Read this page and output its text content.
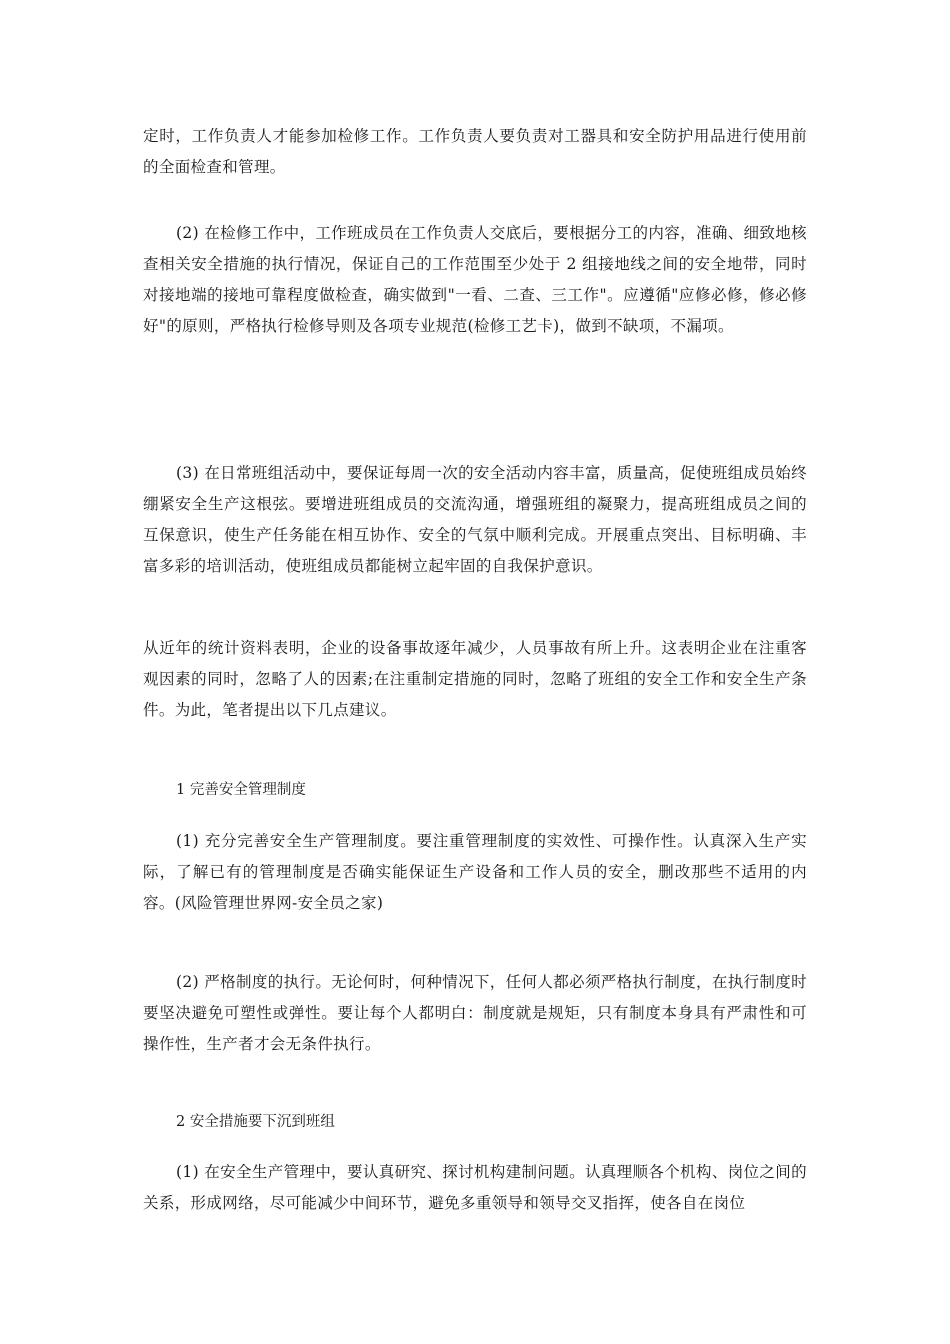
定时，工作负责人才能参加检修工作。工作负责人要负责对工器具和安全防护用品进行使用前的全面检查和管理。

(2) 在检修工作中，工作班成员在工作负责人交底后，要根据分工的内容，准确、细致地核查相关安全措施的执行情况，保证自己的工作范围至少处于 2 组接地线之间的安全地带，同时对接地端的接地可靠程度做检查，确实做到"一看、二查、三工作"。应遵循"应修必修，修必修好"的原则，严格执行检修导则及各项专业规范(检修工艺卡)，做到不缺项，不漏项。

(3) 在日常班组活动中，要保证每周一次的安全活动内容丰富，质量高，促使班组成员始终绷紧安全生产这根弦。要增进班组成员的交流沟通，增强班组的凝聚力，提高班组成员之间的互保意识，使生产任务能在相互协作、安全的气氛中顺利完成。开展重点突出、目标明确、丰富多彩的培训活动，使班组成员都能树立起牢固的自我保护意识。

从近年的统计资料表明，企业的设备事故逐年减少，人员事故有所上升。这表明企业在注重客观因素的同时，忽略了人的因素;在注重制定措施的同时，忽略了班组的安全工作和安全生产条件。为此，笔者提出以下几点建议。

1 完善安全管理制度

(1) 充分完善安全生产管理制度。要注重管理制度的实效性、可操作性。认真深入生产实际，了解已有的管理制度是否确实能保证生产设备和工作人员的安全，删改那些不适用的内容。(风险管理世界网-安全员之家)

(2) 严格制度的执行。无论何时，何种情况下，任何人都必须严格执行制度，在执行制度时要坚决避免可塑性或弹性。要让每个人都明白：制度就是规矩，只有制度本身具有严肃性和可操作性，生产者才会无条件执行。

2 安全措施要下沉到班组

(1) 在安全生产管理中，要认真研究、探讨机构建制问题。认真理顺各个机构、岗位之间的关系，形成网络，尽可能减少中间环节，避免多重领导和领导交叉指挥，使各自在岗位
